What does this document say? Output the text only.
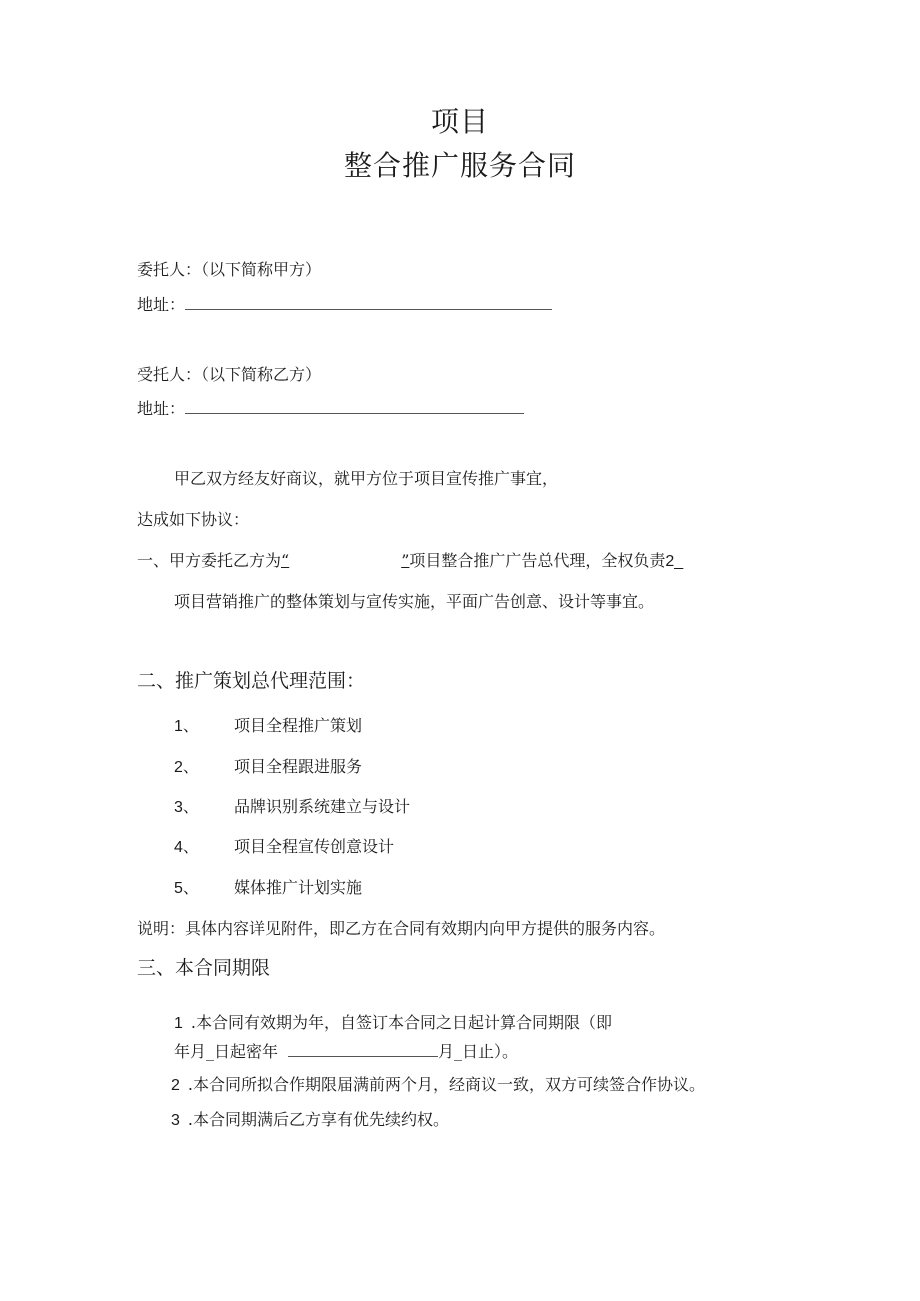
项目
整合推广服务合同
委托人：（以下简称甲方）
地址：
受托人：（以下简称乙方）
地址：
甲乙双方经友好商议，就甲方位于项目宣传推广事宜，
达成如下协议：
一、甲方委托乙方为“	”项目整合推广广告总代理，全权负责2_
项目营销推广的整体策划与宣传实施，平面广告创意、设计等事宜。
二、推广策划总代理范围：
1、 项目全程推广策划
2、 项目全程跟进服务
3、 品牌识别系统建立与设计
4、 项目全程宣传创意设计
5、 媒体推广计划实施
说明：具体内容详见附件，即乙方在合同有效期内向甲方提供的服务内容。
三、本合同期限
1 .本合同有效期为年，自签订本合同之日起计算合同期限（即
年月_日起密年	月_日止）。
2 .本合同所拟合作期限届满前两个月，经商议一致，双方可续签合作协议。
3 .本合同期满后乙方享有优先续约权。
